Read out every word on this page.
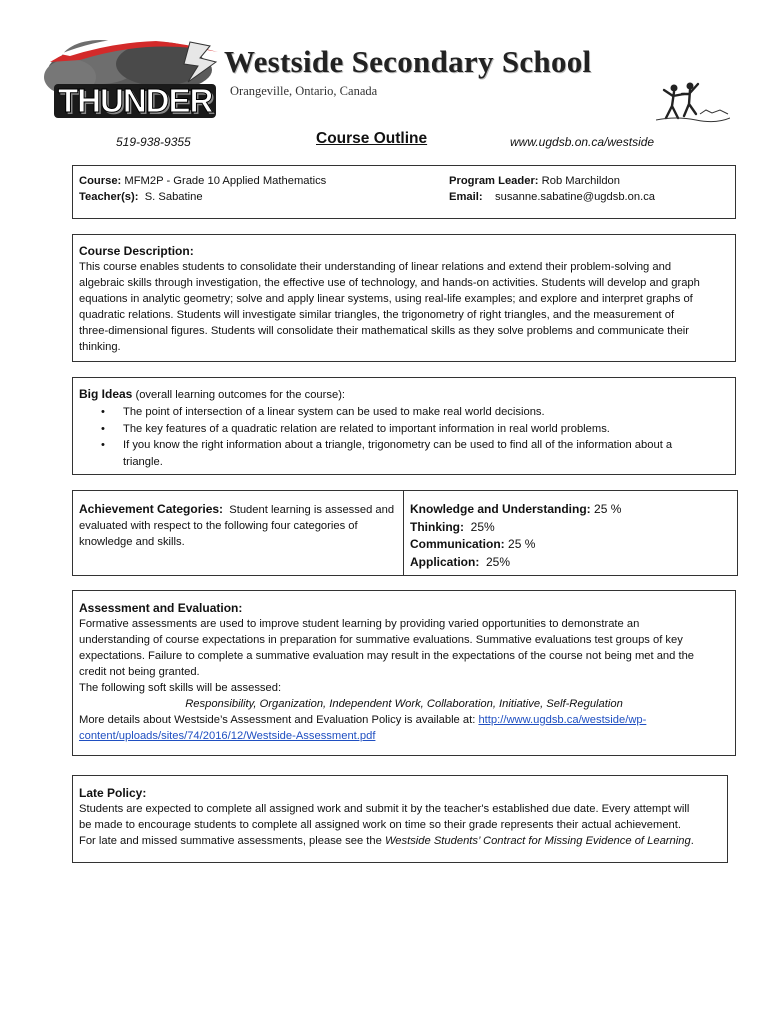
THUNDER
Westside Secondary School
Orangeville, Ontario, Canada
519-938-9355	Course Outline	www.ugdsb.on.ca/westside

Course: MFM2P - Grade 10 Applied Mathematics

Teacher(s): S. Sabatine

Program Leader: Rob Marchildon

Email: susanne.sabatine@ugdsb.on.ca

Course Description:

This course enables students to consolidate their understanding of linear relations and extend their problem-solving and

algebraic skills through investigation, the effective use of technology, and hands-on activities. Students will develop and graph

equations in analytic geometry; solve and apply linear systems, using real-life examples; and explore and interpret graphs of

quadratic relations. Students will investigate similar triangles, the trigonometry of right triangles, and the measurement of

three-dimensional figures. Students will consolidate their mathematical skills as they solve problems and communicate their

thinking.

Big Ideas (overall learning outcomes for the course):

• The point of intersection of a linear system can be used to make real world decisions.
• The key features of a quadratic relation are related to important information in real world problems.
• If you know the right information about a triangle, trigonometry can be used to find all of the information about a

triangle.

Achievement Categories: Student learning is assessed and

evaluated with respect to the following four categories of

knowledge and skills.

Knowledge and Understanding: 25 %

Thinking: 25%

Communication: 25 %

Application: 25%

Assessment and Evaluation:

Formative assessments are used to improve student learning by providing varied opportunities to demonstrate an

understanding of course expectations in preparation for summative evaluations. Summative evaluations test groups of key

expectations. Failure to complete a summative evaluation may result in the expectations of the course not being met and the

credit not being granted.

The following soft skills will be assessed:

Responsibility, Organization, Independent Work, Collaboration, Initiative, Self-Regulation

More details about Westside’s Assessment and Evaluation Policy is available at: http://www.ugdsb.ca/westside/wp-

content/uploads/sites/74/2016/12/Westside-Assessment.pdf

Late Policy:

Students are expected to complete all assigned work and submit it by the teacher's established due date. Every attempt will

be made to encourage students to complete all assigned work on time so their grade represents their actual achievement.

For late and missed summative assessments, please see the Westside Students’ Contract for Missing Evidence of Learning.
